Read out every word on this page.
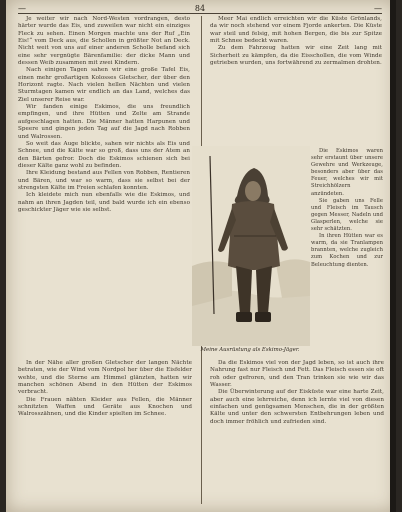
—	84	—

Je weiter wir nach Nord-Westen vordrangen, desto härter wurde das Eis, und zuweilen war nicht ein einziges Fleck zu sehen. Einen Morgen machte uns der Ruf „Ein Eis!“ vom Deck aus, die Schollen in größter Not an Deck. Nicht weit von uns auf einer anderen Scholle befand sich eine sehr vergnügte Bärenfamilie: der dicke Mann und dessen Weib zusammen mit zwei Kindern.

Nach einigen Tagen sahen wir eine große Tafel Eis, einen mehr großartigen Kolosses Gletscher, der über den Horizont ragte. Nach vielen hellen Nächten und vielen Sturmtagen kamen wir endlich an das Land, welches das Ziel unserer Reise war.

Wir fanden einige Eskimos, die uns freundlich empfingen, und ihre Hütten und Zelte am Strande aufgeschlagen hatten. Die Männer hatten Harpunen und Speere und gingen jeden Tag auf die Jagd nach Robben und Walrossen.

So weit das Auge blickte, sahen wir nichts als Eis und Schnee, und die Kälte war so groß, dass uns der Atem an den Bärten gefror. Doch die Eskimos schienen sich bei dieser Kälte ganz wohl zu befinden.

Ihre Kleidung bestand aus Fellen von Robben, Rentieren und Bären, und war so warm, dass sie selbst bei der strengsten Kälte im Freien schlafen konnten.

Ich kleidete mich nun ebenfalls wie die Eskimos, und nahm an ihren Jagden teil, und bald wurde ich ein ebenso geschickter Jäger wie sie selbst.

Meer Mai endlich erreichten wir die Küste Grönlands, da wir noch stehend vor einem Fjorde ankerten. Die Küste war steil und felsig, mit hohen Bergen, die bis zur Spitze mit Schnee bedeckt waren.

Zu dem Fahrzeug hatten wir eine Zeit lang mit Sicherheit zu kämpfen, da die Eisschollen, die vom Winde getrieben wurden, uns fortwährend zu zermalmen drohten.

Die Eskimos waren sehr erstaunt über unsere Gewehre und Werkzeuge, besonders aber über das Feuer, welches wir mit Streichhölzern anzündeten.

Sie gaben uns Felle und Fleisch im Tausch gegen Messer, Nadeln und Glasperlen, welche sie sehr schätzten.

In ihren Hütten war es warm, da sie Tranlampen brannten, welche zugleich zum Kochen und zur Beleuchtung dienten.

Meine Ausrüstung als Eskimo-Jäger.

In der Nähe aller großen Gletscher der langen Nächte betraten, wie der Wind vom Nordpol her über die Eisfelder wehte, und die Sterne am Himmel glänzten, hatten wir manchen schönen Abend in den Hütten der Eskimos verbracht.

Die Frauen nähten Kleider aus Fellen, die Männer schnitzten Waffen und Geräte aus Knochen und Walrosszähnen, und die Kinder spielten im Schnee.

Da die Eskimos viel von der Jagd leben, so ist auch ihre Nahrung fast nur Fleisch und Fett. Das Fleisch essen sie oft roh oder gefroren, und den Tran trinken sie wie wir das Wasser.

Die Überwinterung auf der Eisküste war eine harte Zeit, aber auch eine lehrreiche, denn ich lernte viel von diesen einfachen und genügsamen Menschen, die in der größten Kälte und unter den schwersten Entbehrungen leben und doch immer fröhlich und zufrieden sind.
